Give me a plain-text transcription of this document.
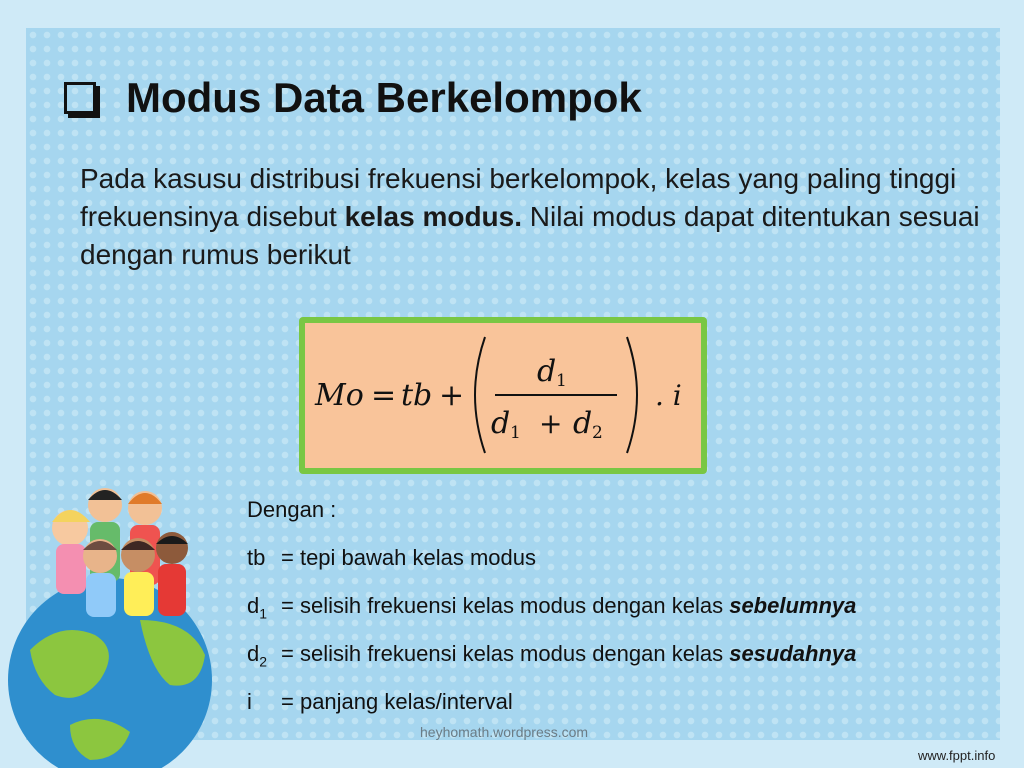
Modus Data Berkelompok
Pada kasusu distribusi frekuensi berkelompok, kelas yang paling tinggi frekuensinya disebut kelas modus. Nilai modus dapat ditentukan sesuai dengan rumus berikut
Mo = tb +
d 1
d 1 + d 2
. i
Dengan :
tb = tepi bawah kelas modus
$d_1$ = selisih frekuensi kelas modus dengan kelas sebelumnya
$d_2$ = selisih frekuensi kelas modus dengan kelas sesudahnya
i	= panjang kelas/interval
heyhomath.wordpress.com
www.fppt.info
